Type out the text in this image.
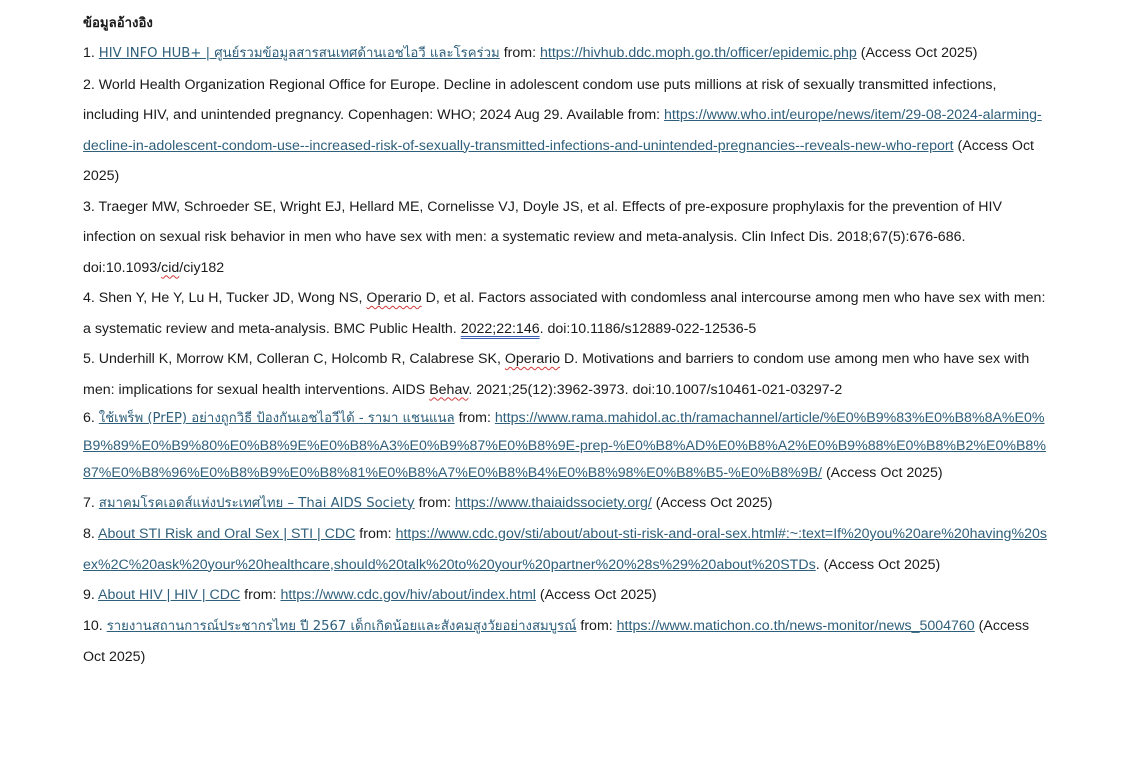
ข้อมูลอ้างอิง

1. HIV INFO HUB+ | ศูนย์รวมข้อมูลสารสนเทศด้านเอชไอวี และโรคร่วม from: https://hivhub.ddc.moph.go.th/officer/epidemic.php (Access Oct 2025)

2. World Health Organization Regional Office for Europe. Decline in adolescent condom use puts millions at risk of sexually transmitted infections, including HIV, and unintended pregnancy. Copenhagen: WHO; 2024 Aug 29. Available from: https://www.who.int/europe/news/item/29-08-2024-alarming-decline-in-adolescent-condom-use--increased-risk-of-sexually-transmitted-infections-and-unintended-pregnancies--reveals-new-who-report (Access Oct 2025)

3. Traeger MW, Schroeder SE, Wright EJ, Hellard ME, Cornelisse VJ, Doyle JS, et al. Effects of pre-exposure prophylaxis for the prevention of HIV infection on sexual risk behavior in men who have sex with men: a systematic review and meta-analysis. Clin Infect Dis. 2018;67(5):676-686. doi:10.1093/cid/ciy182

4. Shen Y, He Y, Lu H, Tucker JD, Wong NS, Operario D, et al. Factors associated with condomless anal intercourse among men who have sex with men: a systematic review and meta-analysis. BMC Public Health. 2022;22:146. doi:10.1186/s12889-022-12536-5

5. Underhill K, Morrow KM, Colleran C, Holcomb R, Calabrese SK, Operario D. Motivations and barriers to condom use among men who have sex with men: implications for sexual health interventions. AIDS Behav. 2021;25(12):3962-3973. doi:10.1007/s10461-021-03297-2

6. ใช้เพร็พ (PrEP) อย่างถูกวิธี ป้องกันเอชไอวีได้ - รามา แชนแนล from: https://www.rama.mahidol.ac.th/ramachannel/article/%E0%B9%83%E0%B8%8A%E0%B9%89%E0%B9%80%E0%B8%9E%E0%B8%A3%E0%B9%87%E0%B8%9E-prep-%E0%B8%AD%E0%B8%A2%E0%B9%88%E0%B8%B2%E0%B8%87%E0%B8%96%E0%B8%B9%E0%B8%81%E0%B8%A7%E0%B8%B4%E0%B8%98%E0%B8%B5-%E0%B8%9B/ (Access Oct 2025)

7. สมาคมโรคเอดส์แห่งประเทศไทย – Thai AIDS Society from: https://www.thaiaidssociety.org/ (Access Oct 2025)

8. About STI Risk and Oral Sex | STI | CDC from: https://www.cdc.gov/sti/about/about-sti-risk-and-oral-sex.html#:~:text=If%20you%20are%20having%20sex%2C%20ask%20your%20healthcare,should%20talk%20to%20your%20partner%20%28s%29%20about%20STDs. (Access Oct 2025)

9. About HIV | HIV | CDC from: https://www.cdc.gov/hiv/about/index.html (Access Oct 2025)

10. รายงานสถานการณ์ประชากรไทย ปี 2567 เด็กเกิดน้อยและสังคมสูงวัยอย่างสมบูรณ์ from: https://www.matichon.co.th/news-monitor/news_5004760 (Access Oct 2025)
